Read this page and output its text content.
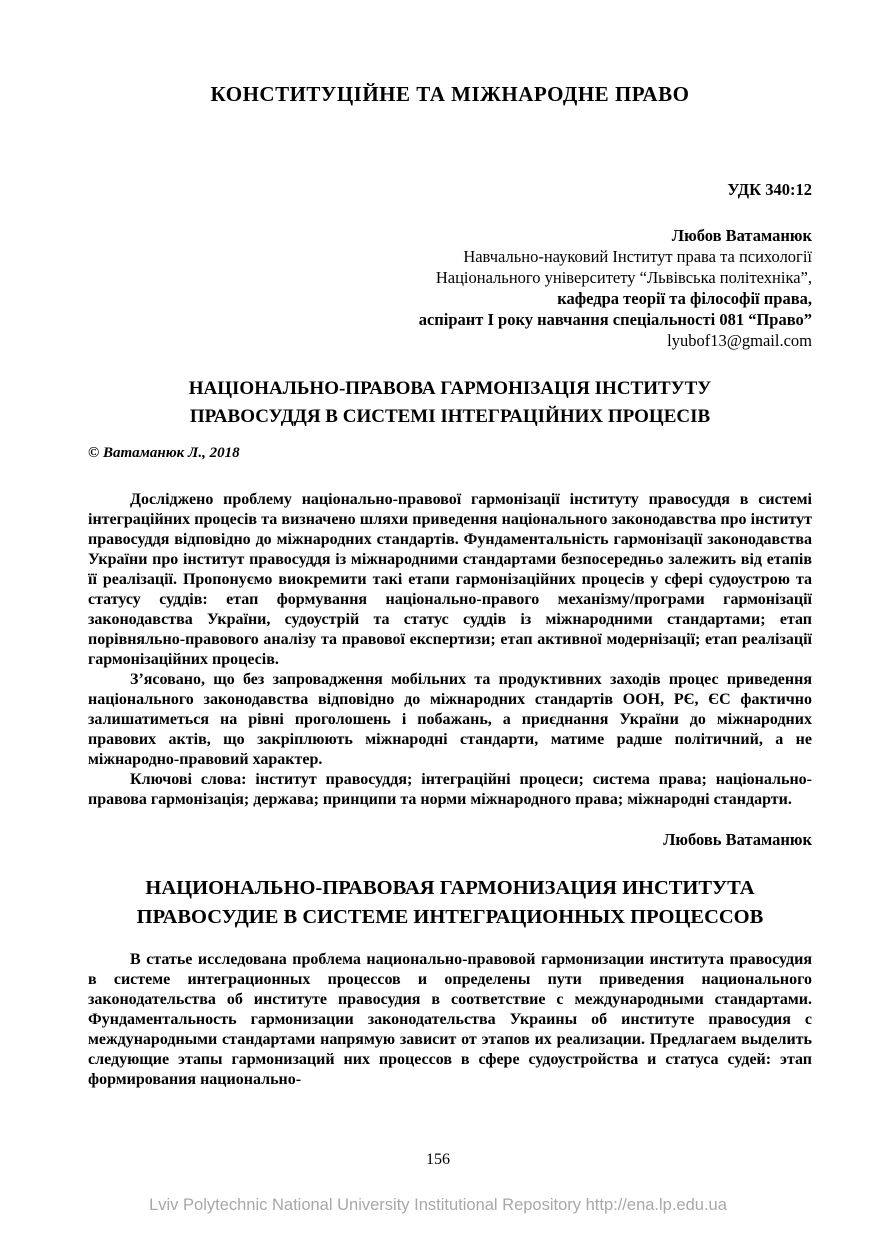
КОНСТИТУЦІЙНЕ ТА МІЖНАРОДНЕ ПРАВО
УДК 340:12
Любов Ватаманюк
Навчально-науковий Інститут права та психології
Національного університету “Львівська політехніка”,
кафедра теорії та філософії права,
аспірант І року навчання спеціальності 081 “Право”
lyubof13@gmail.com
НАЦІОНАЛЬНО-ПРАВОВА ГАРМОНІЗАЦІЯ ІНСТИТУТУ ПРАВОСУДДЯ В СИСТЕМІ ІНТЕГРАЦІЙНИХ ПРОЦЕСІВ
© Ватаманюк Л., 2018

Досліджено проблему національно-правової гармонізації інституту правосуддя в системі інтеграційних процесів та визначено шляхи приведення національного законодавства про інститут правосуддя відповідно до міжнародних стандартів. Фундаментальність гармонізації законодавства України про інститут правосуддя із міжнародними стандартами безпосередньо залежить від етапів її реалізації. Пропонуємо виокремити такі етапи гармонізаційних процесів у сфері судоустрою та статусу суддів: етап формування національно-правого механізму/програми гармонізації законодавства України, судоустрій та статус суддів із міжнародними стандартами; етап порівняльно-правового аналізу та правової експертизи; етап активної модернізації; етап реалізації гармонізаційних процесів.

З’ясовано, що без запровадження мобільних та продуктивних заходів процес приведення національного законодавства відповідно до міжнародних стандартів ООН, РЄ, ЄС фактично залишатиметься на рівні проголошень і побажань, а приєднання України до міжнародних правових актів, що закріплюють міжнародні стандарти, матиме радше політичний, а не міжнародно-правовий характер.

Ключові слова: інститут правосуддя; інтеграційні процеси; система права; національно-правова гармонізація; держава; принципи та норми міжнародного права; міжнародні стандарти.

Любовь Ватаманюк
НАЦИОНАЛЬНО-ПРАВОВАЯ ГАРМОНИЗАЦИЯ ИНСТИТУТА ПРАВОСУДИЕ В СИСТЕМЕ ИНТЕГРАЦИОННЫХ ПРОЦЕССОВ

В статье исследована проблема национально-правовой гармонизации института правосудия в системе интеграционных процессов и определены пути приведения национального законодательства об институте правосудия в соответствие с международными стандартами. Фундаментальность гармонизации законодательства Украины об институте правосудия с международными стандартами напрямую зависит от этапов их реализации. Предлагаем выделить следующие этапы гармонизаций них процессов в сфере судоустройства и статуса судей: этап формирования национально-

156
Lviv Polytechnic National University Institutional Repository http://ena.lp.edu.ua
